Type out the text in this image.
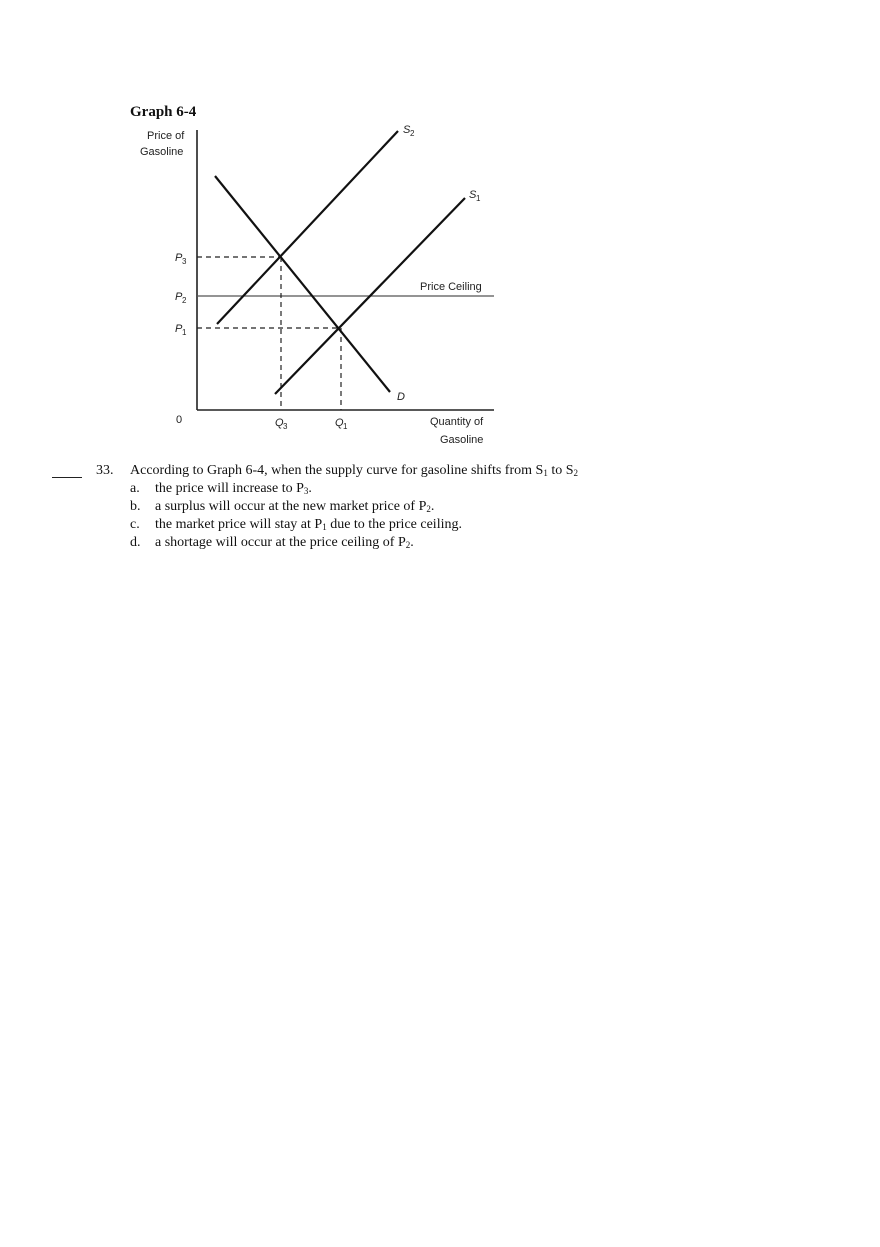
Graph 6-4
Price of
Gasoline
0	Quantity of
Gasoline
P 3
P 2
P 1
Q 3	Q 1
S 2
S 1
D
Price Ceiling
33. According to Graph 6-4, when the supply curve for gasoline shifts from $S_1$ to $S_2$
a. the price will increase to $P_3$.
b. a surplus will occur at the new market price of $P_2$.
c. the market price will stay at $P_1$ due to the price ceiling.
d. a shortage will occur at the price ceiling of $P_2$.
